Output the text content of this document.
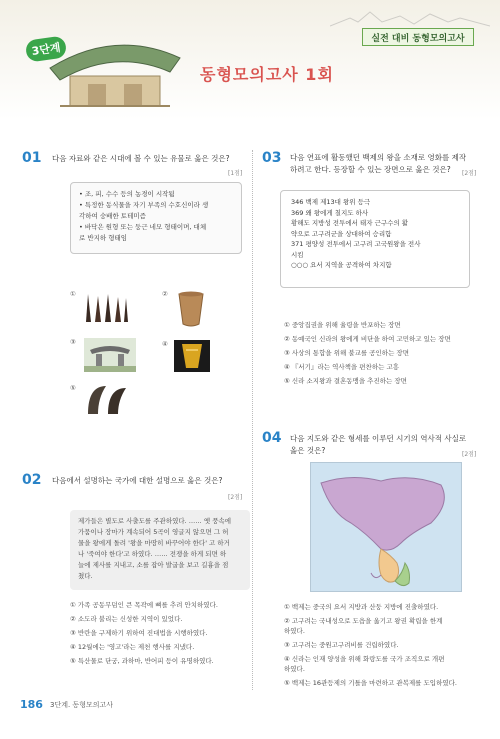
3단계
실전 대비 동형모의고사
동형모의고사 1회
01 다음 자료와 같은 시대에 볼 수 있는 유물로 옳은 것은?
[1점]
• 조, 피, 수수 등의 농경이 시작됨
• 특정한 동식물을 자기 부족의 수호신이라 생
각하여 숭배한 토테미즘
• 바닥은 원형 또는 둥근 네모 형태이며, 대체
로 반지하 형태임
①	②
③	④
⑤
02 다음에서 설명하는 국가에 대한 설명으로 옳은 것은?
[2점]
제가들은 별도로 사출도를 주관하였다. …… 옛 풍속에
가뭄이나 장마가 계속되어 5곡이 영글지 않으면 그 허
물을 왕에게 돌려 '왕을 마땅히 바꾸어야 한다' 고 하거
나 '죽여야 한다'고 하였다. …… 전쟁을 하게 되면 하
늘에 제사를 지내고, 소를 잡아 발굽을 보고 길흉을 점
쳤다.
① 가족 공동무덤인 큰 목곽에 뼈를 추려 안치하였다.
② 소도라 불리는 신성한 지역이 있었다.
③ 반란을 구제하기 위하여 진대법을 시행하였다.
④ 12월에는 '영고'라는 제천 행사를 지냈다.
⑤ 특산물로 단궁, 과하마, 반어피 등이 유명하였다.
03 다음 연표에 활동했던 백제의 왕을 소재로 영화를 제작
하려고 한다. 등장할 수 있는 장면으로 옳은 것은?	[2점]
346 백제 제13대 왕위 등극
369 왜 왕에게 칠지도 하사
황해도 지방성 전투에서 태자 근구수의 활
약으로 고구려군을 상대하여 승리함
371 평양성 전투에서 고구려 고국원왕을 전사
시킴
○○○ 요서 지역을 공격하여 차지함
① 중앙집권을 위해 율령을 반포하는 장면
② 동예국인 신라의 왕에게 비단을 하여 고민하고 있는 장면
③ 사상의 통합을 위해 불교를 공인하는 장면
④ 『서기』라는 역사책을 편찬하는 고흥
⑤ 신라 소지왕과 결혼동맹을 추진하는 장면
04 다음 지도와 같은 형세를 이루던 시기의 역사적 사실로
옳은 것은?	[2점]
① 백제는 중국의 요서 지방과 산둥 지방에 진출하였다.
② 고구려는 국내성으로 도읍을 옮기고 왕권 확립을 한계
하였다.
③ 고구려는 중원고구려비를 건립하였다.
④ 신라는 인재 양성을 위해 화랑도를 국가 조직으로 개편
하였다.
⑤ 백제는 16관등제의 기틀을 마련하고 관복제를 도입하였다.
186 3단계. 동형모의고사
